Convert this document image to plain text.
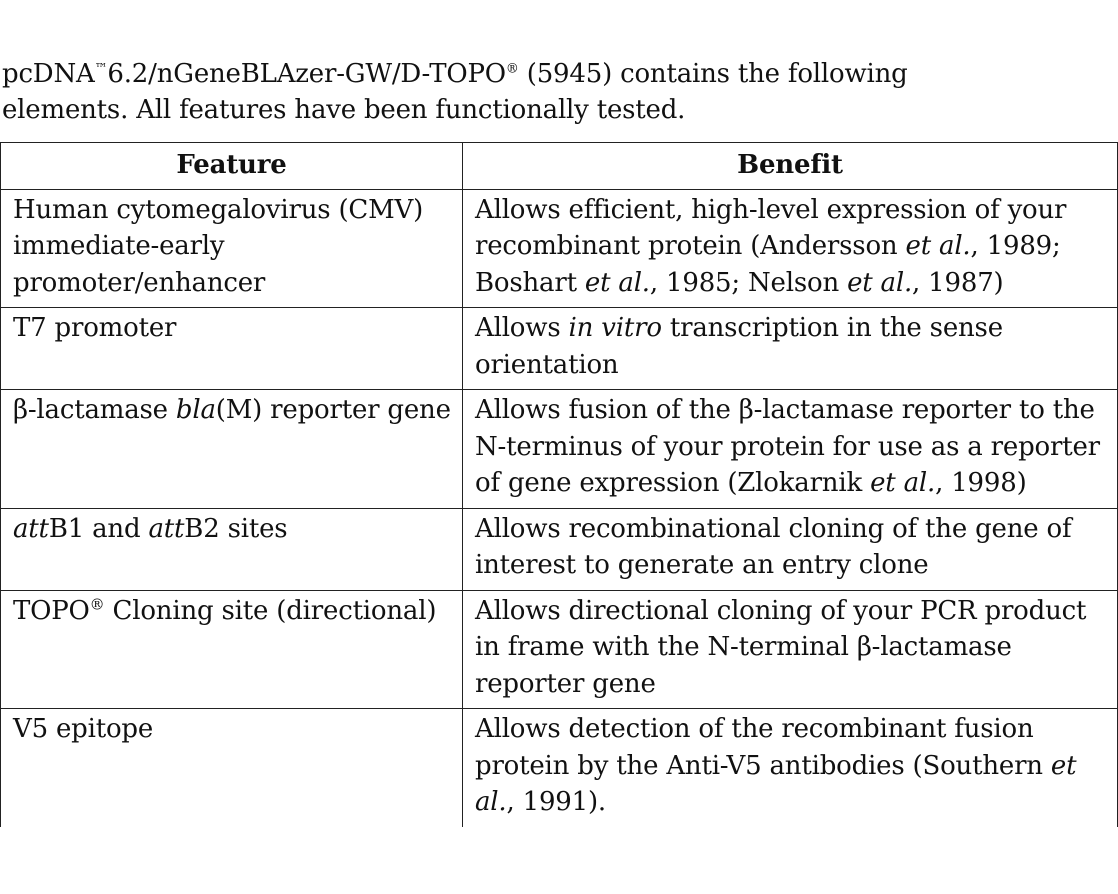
pcDNA™6.2/nGeneBLAzer-GW/D-TOPO® (5945) contains the following
elements. All features have been functionally tested.

Feature	Benefit
Human cytomegalovirus (CMV) immediate-early promoter/enhancer	Allows efficient, high-level expression of your recombinant protein (Andersson et al., 1989; Boshart et al., 1985; Nelson et al., 1987)
T7 promoter	Allows in vitro transcription in the sense orientation
β-lactamase bla(M) reporter gene	Allows fusion of the β-lactamase reporter to the N-terminus of your protein for use as a reporter of gene expression (Zlokarnik et al., 1998)
attB1 and attB2 sites	Allows recombinational cloning of the gene of interest to generate an entry clone
TOPO® Cloning site (directional)	Allows directional cloning of your PCR product in frame with the N-terminal β-lactamase reporter gene
V5 epitope	Allows detection of the recombinant fusion protein by the Anti-V5 antibodies (Southern et al., 1991).
